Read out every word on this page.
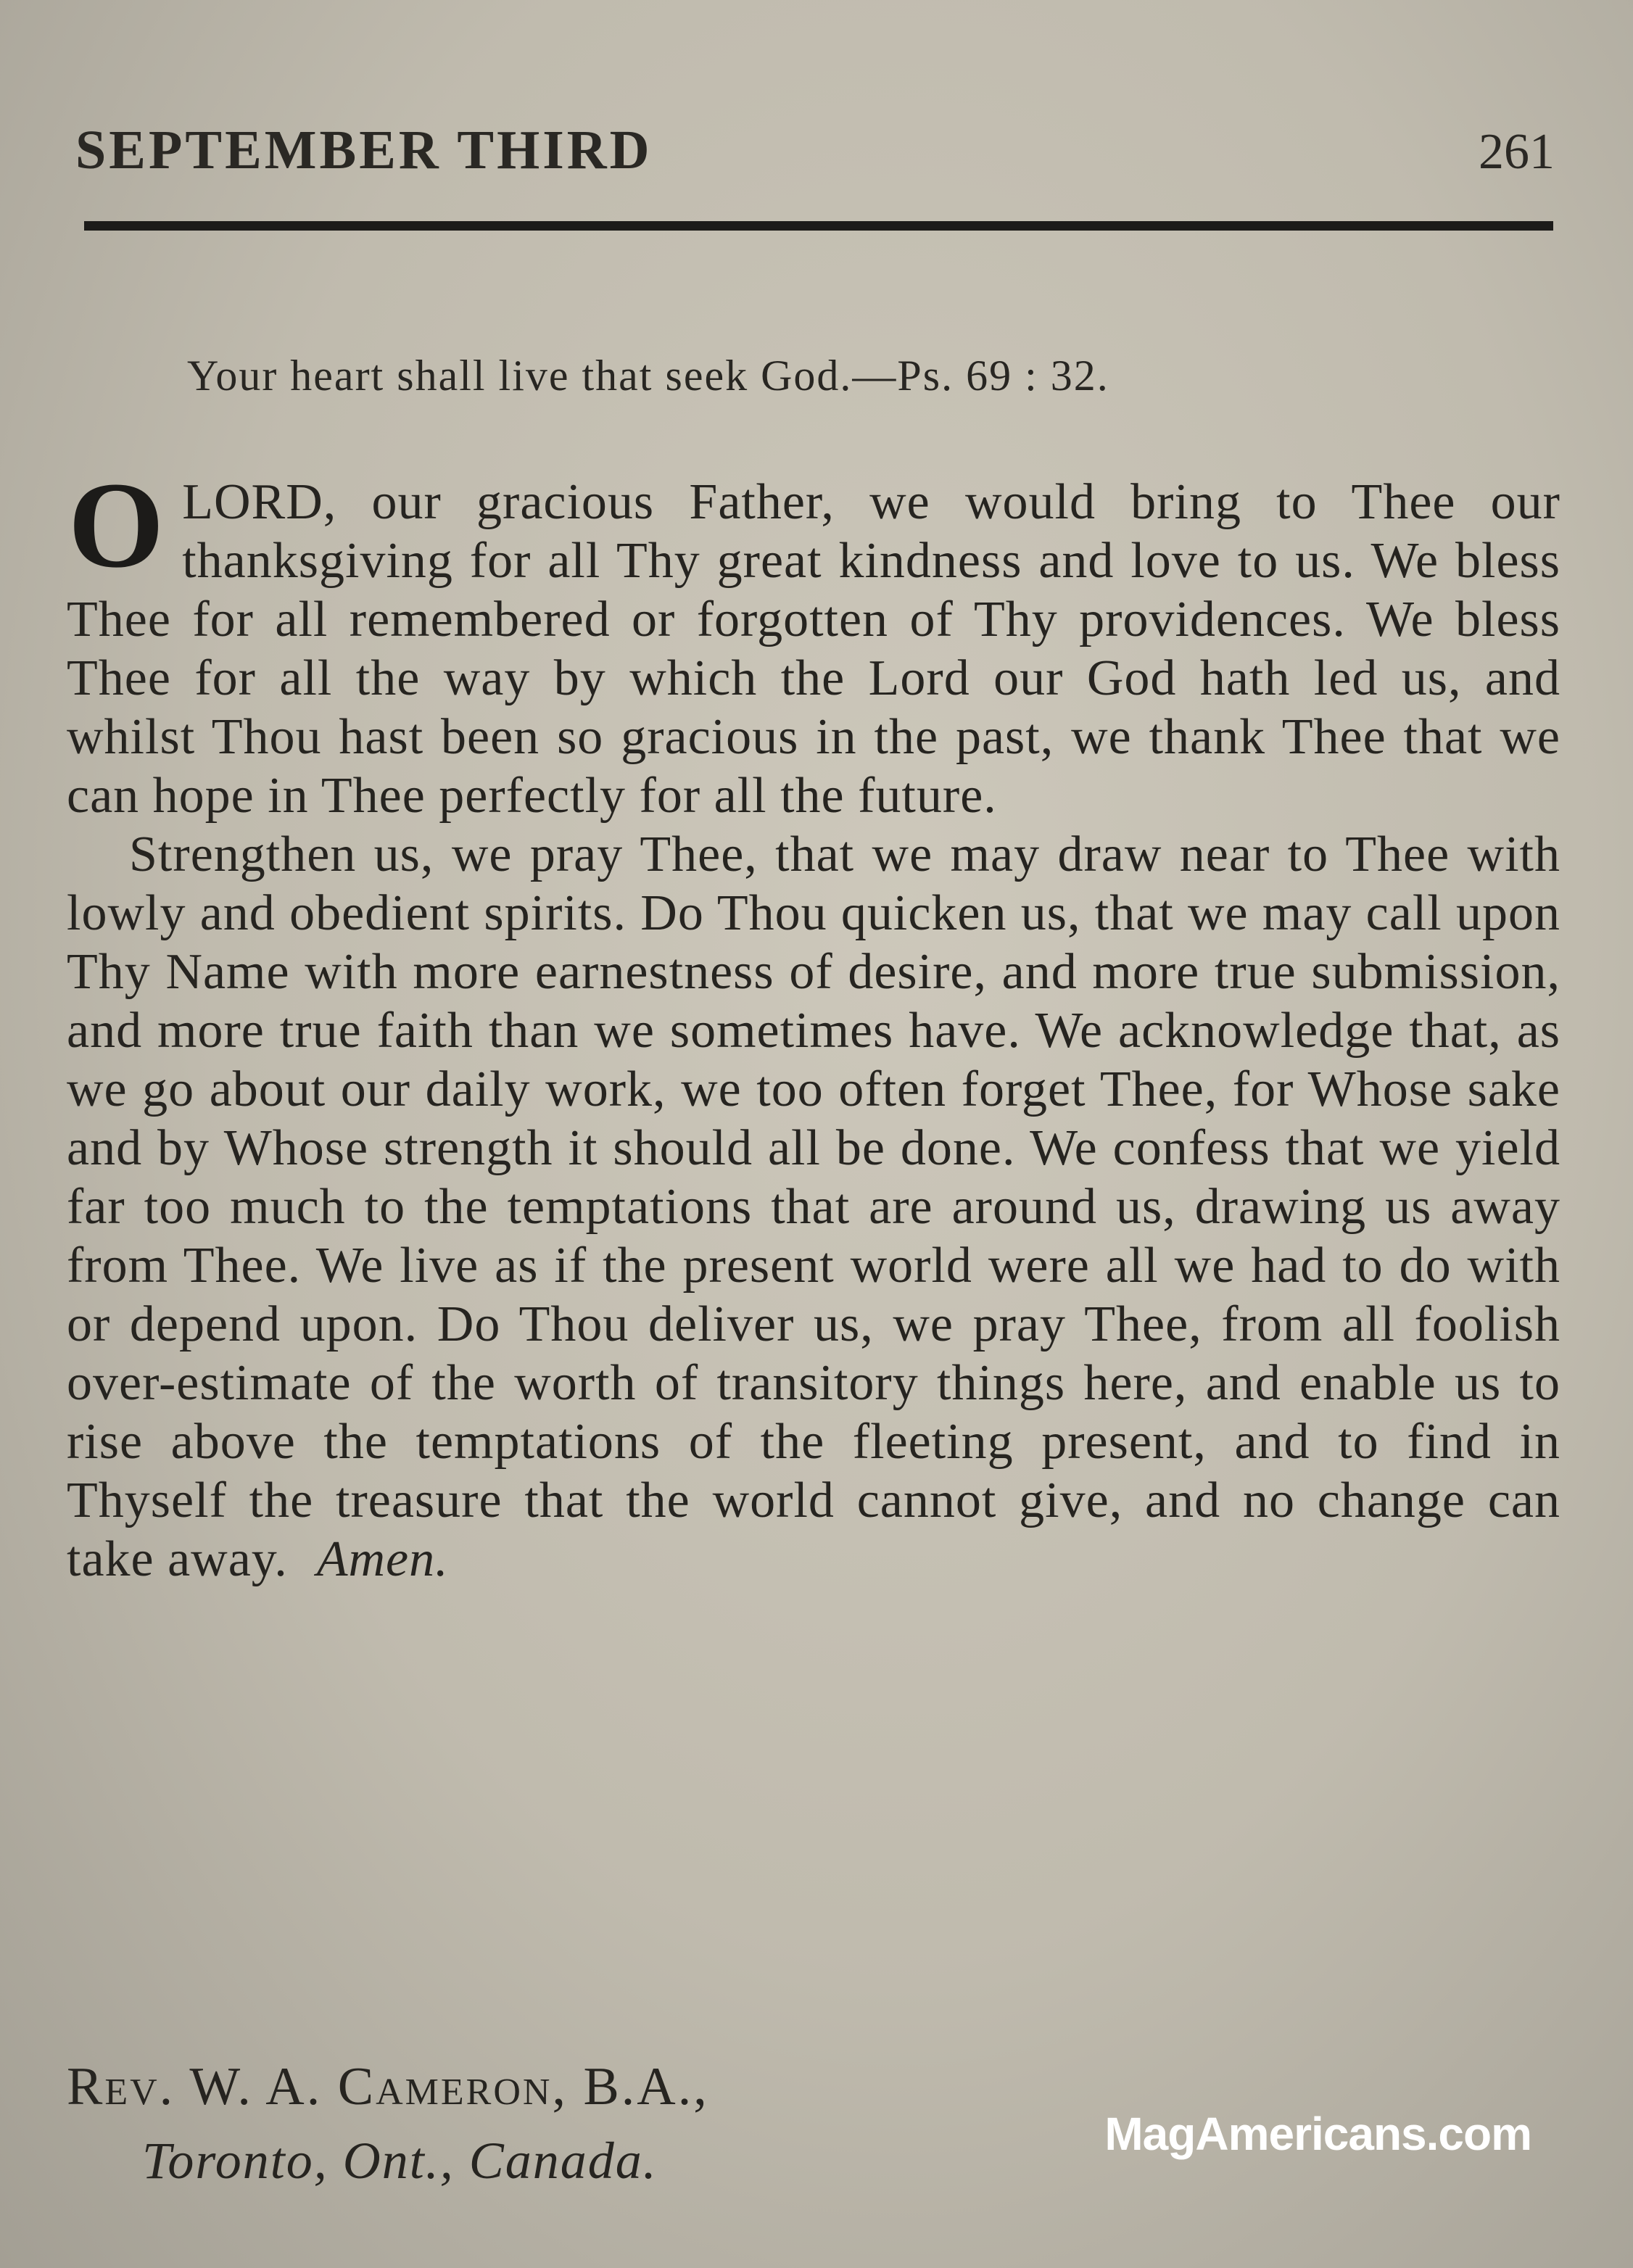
SEPTEMBER THIRD	261
Your heart shall live that seek God.—Ps. 69 : 32.

OLORD, our gracious Father, we would bring to Thee our thanksgiving for all Thy great kindness and love to us. We bless Thee for all remembered or forgotten of Thy providences. We bless Thee for all the way by which the Lord our God hath led us, and whilst Thou hast been so gracious in the past, we thank Thee that we can hope in Thee perfectly for all the future.

Strengthen us, we pray Thee, that we may draw near to Thee with lowly and obedient spirits. Do Thou quicken us, that we may call upon Thy Name with more earnestness of desire, and more true submission, and more true faith than we sometimes have. We acknowledge that, as we go about our daily work, we too often forget Thee, for Whose sake and by Whose strength it should all be done. We confess that we yield far too much to the temptations that are around us, drawing us away from Thee. We live as if the present world were all we had to do with or depend upon. Do Thou deliver us, we pray Thee, from all foolish over-estimate of the worth of transitory things here, and enable us to rise above the temptations of the fleeting present, and to find in Thyself the treasure that the world cannot give, and no change can take away. Amen.

Rev. W. A. Cameron, B.A.,
Toronto, Ont., Canada.	MagAmericans.com
